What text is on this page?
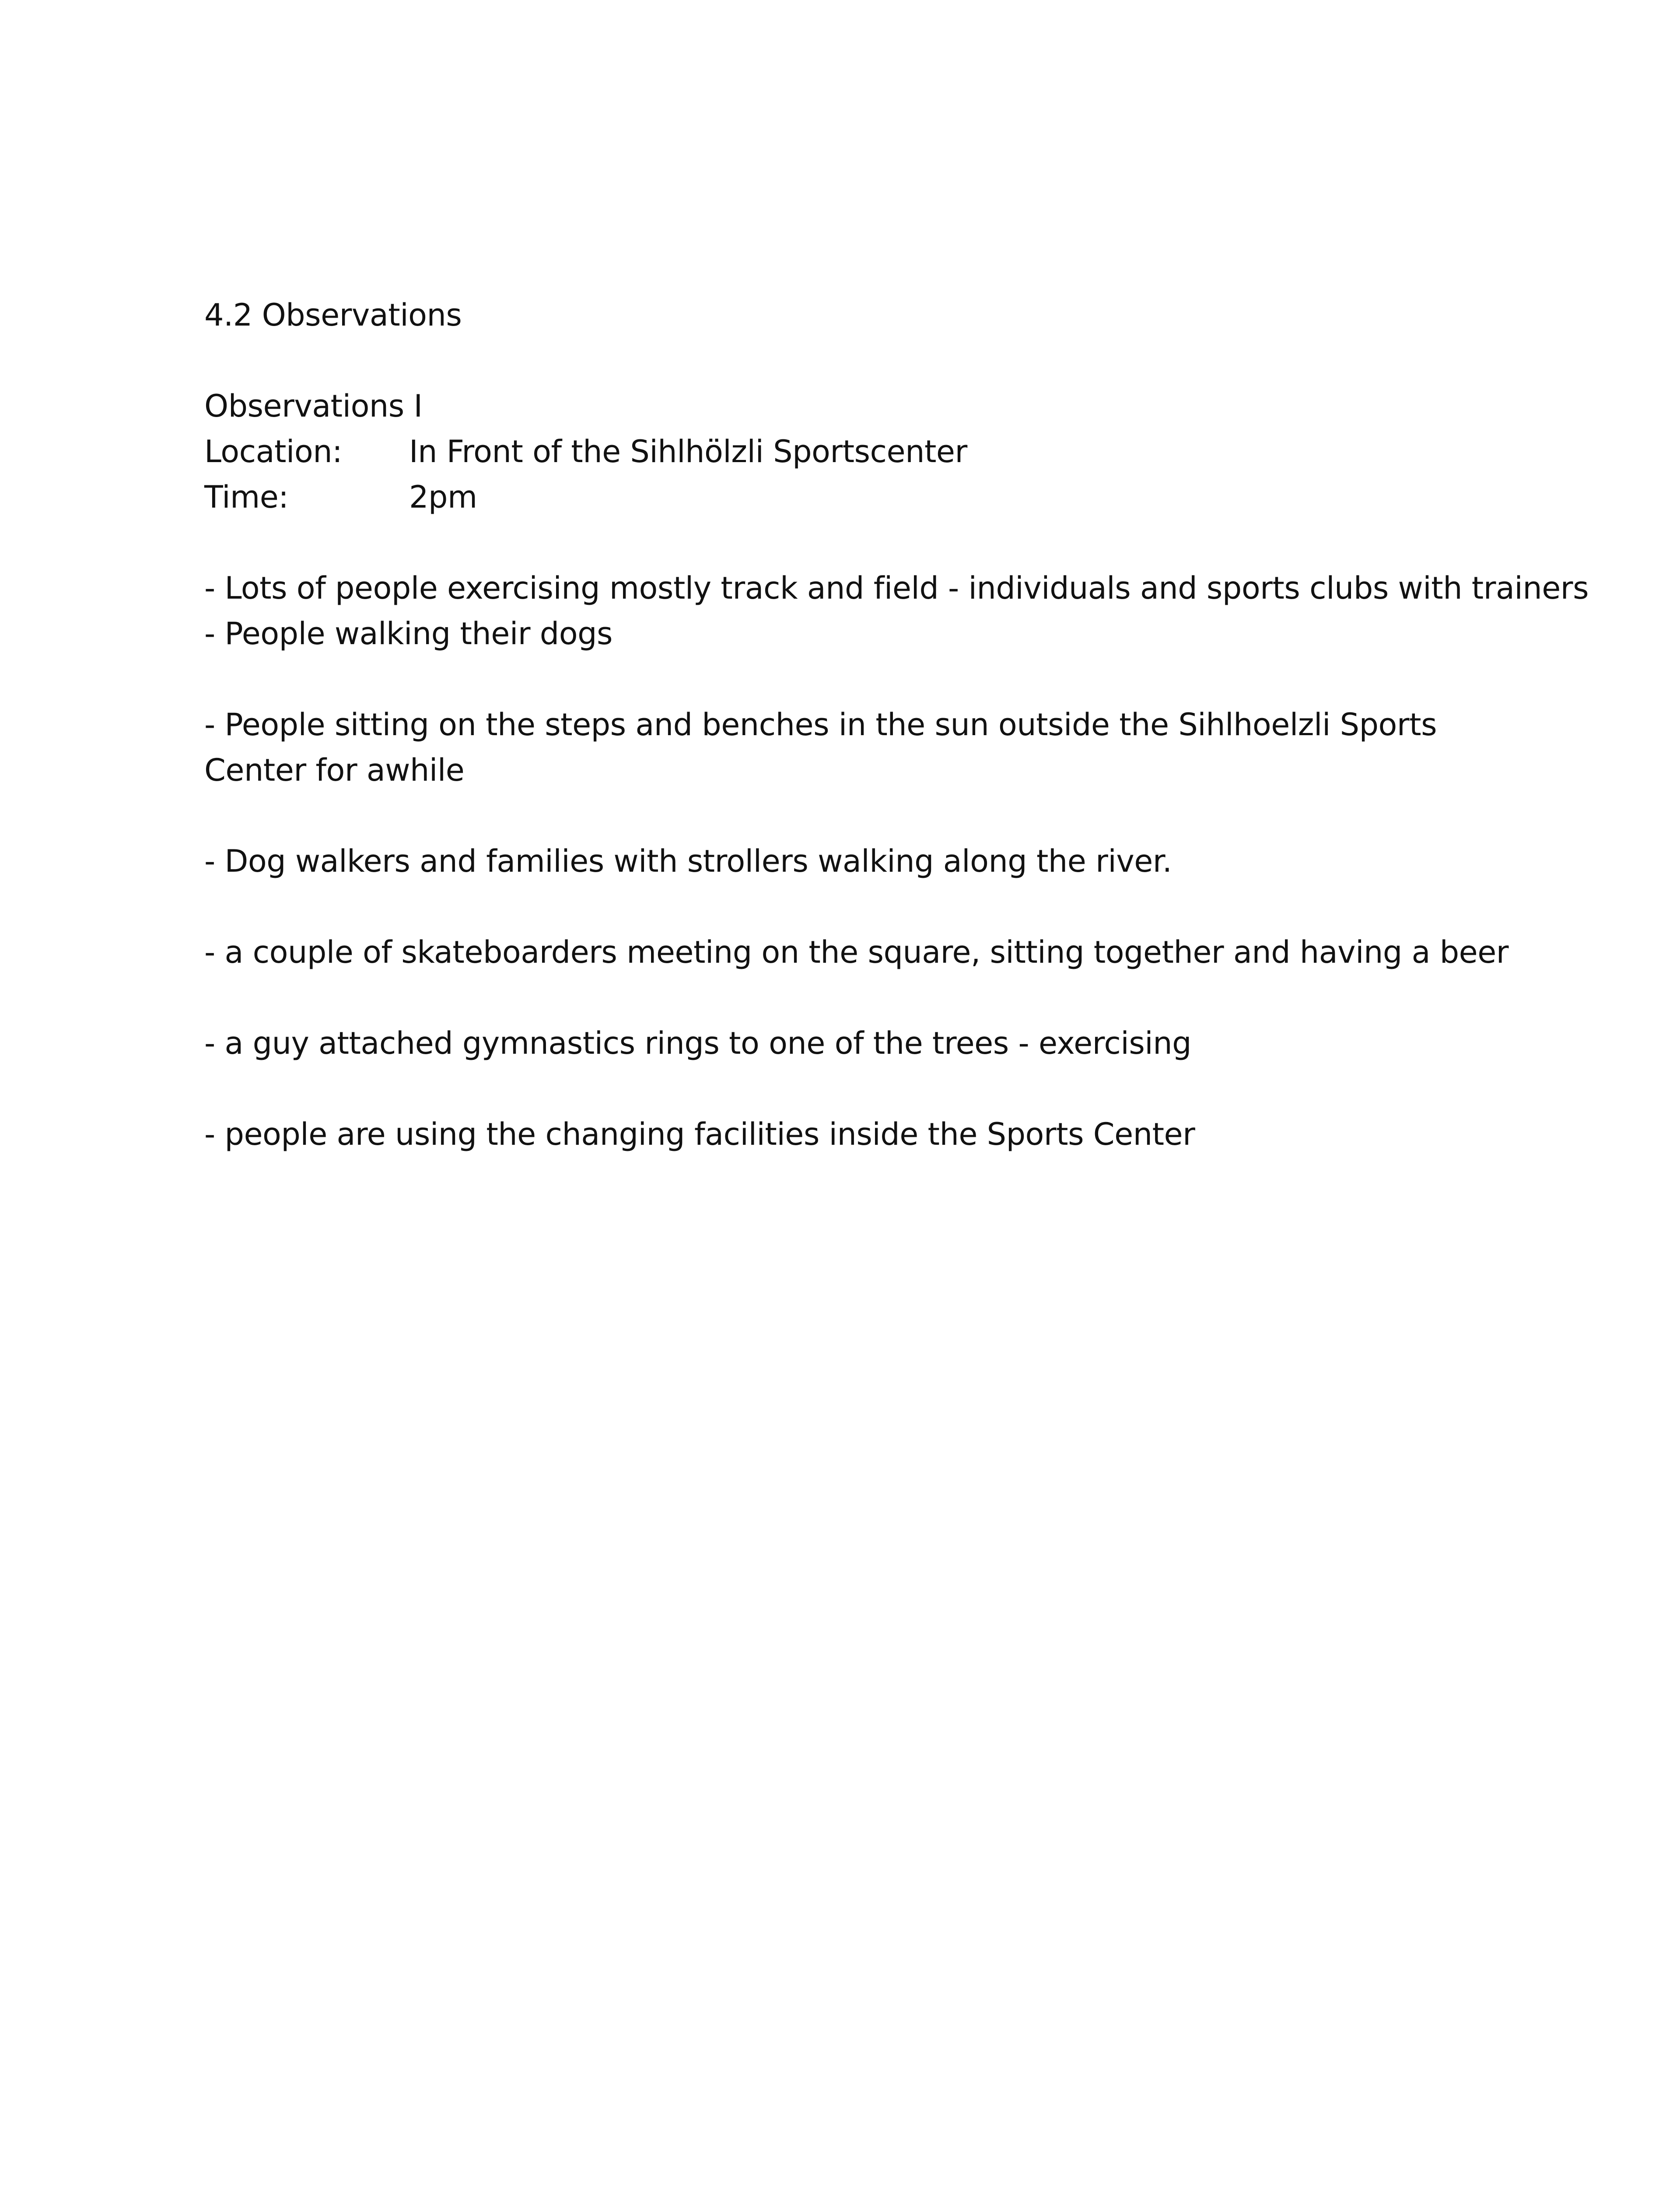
4.2 Observations
Observations I
Location:	In Front of the Sihlhölzli Sportscenter
Time:	2pm
- Lots of people exercising mostly track and field - individuals and sports clubs with trainers
- People walking their dogs
- People sitting on the steps and benches in the sun outside the Sihlhoelzli Sports Center for awhile
- Dog walkers and families with strollers walking along the river.
- a couple of skateboarders meeting on the square, sitting together and having a beer
- a guy attached gymnastics rings to one of the trees - exercising
- people are using the changing facilities inside the Sports Center
